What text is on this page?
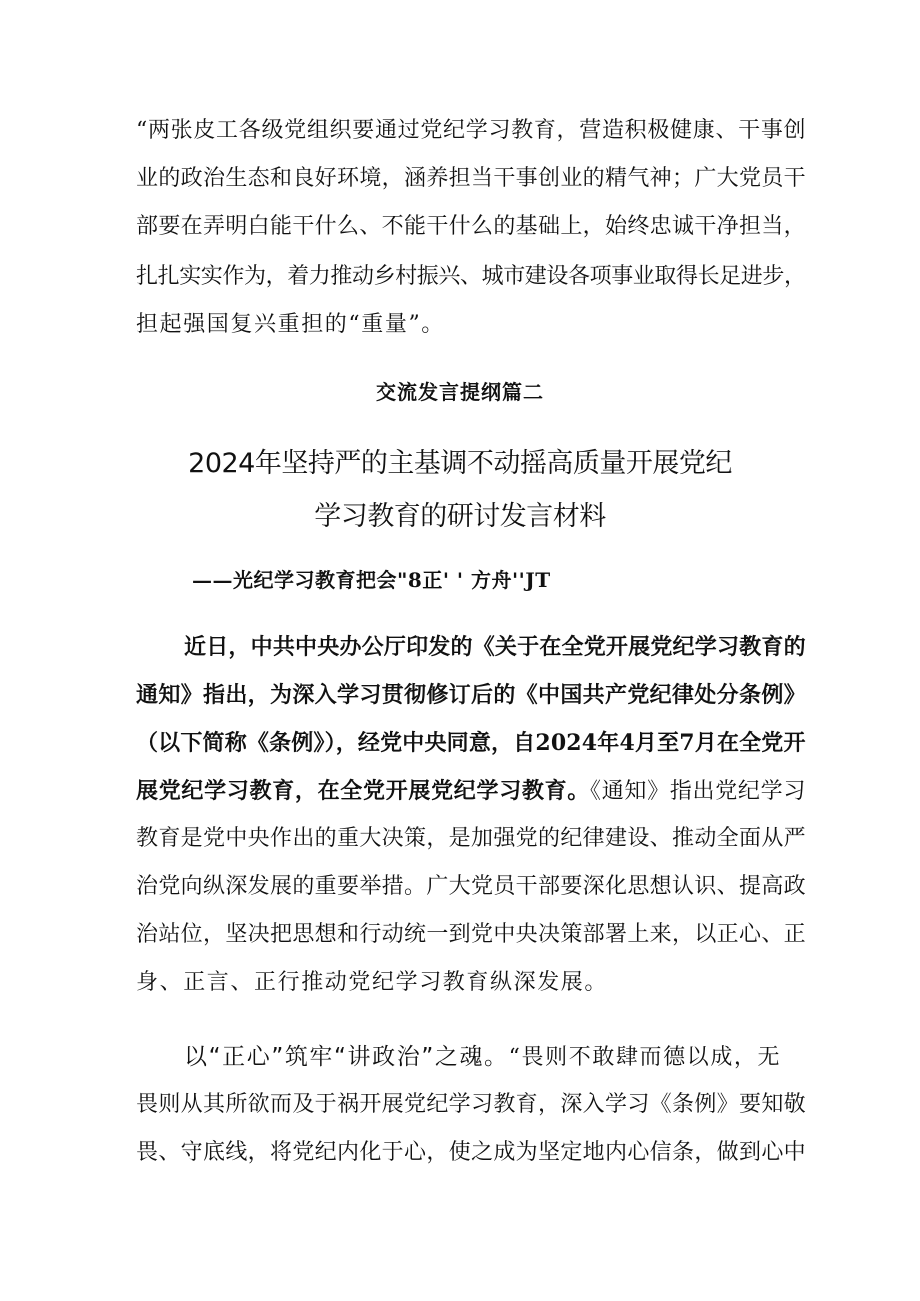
“两张皮工各级党组织要通过党纪学习教育，营造积极健康、干事创
业的政治生态和良好环境，涵养担当干事创业的精气神；广大党员干
部要在弄明白能干什么、不能干什么的基础上，始终忠诚干净担当，
扎扎实实作为，着力推动乡村振兴、城市建设各项事业取得长足进步，
担起强国复兴重担的“重量”。
交流发言提纲篇二
2024年坚持严的主基调不动摇高质量开展党纪
学习教育的研讨发言材料
——光纪学习教育把会"8正' ' 方舟''JT
近日，中共中央办公厅印发的《关于在全党开展党纪学习教育的
通知》指出，为深入学习贯彻修订后的《中国共产党纪律处分条例》
（以下简称《条例》），经党中央同意，自2024年4月至7月在全党开
展党纪学习教育，在全党开展党纪学习教育。《通知》指出党纪学习
教育是党中央作出的重大决策，是加强党的纪律建设、推动全面从严
治党向纵深发展的重要举措。广大党员干部要深化思想认识、提高政
治站位，坚决把思想和行动统一到党中央决策部署上来，以正心、正
身、正言、正行推动党纪学习教育纵深发展。
以“正心”筑牢“讲政治”之魂。“畏则不敢肆而德以成，无
畏则从其所欲而及于祸开展党纪学习教育，深入学习《条例》要知敬
畏、守底线，将党纪内化于心，使之成为坚定地内心信条，做到心中
